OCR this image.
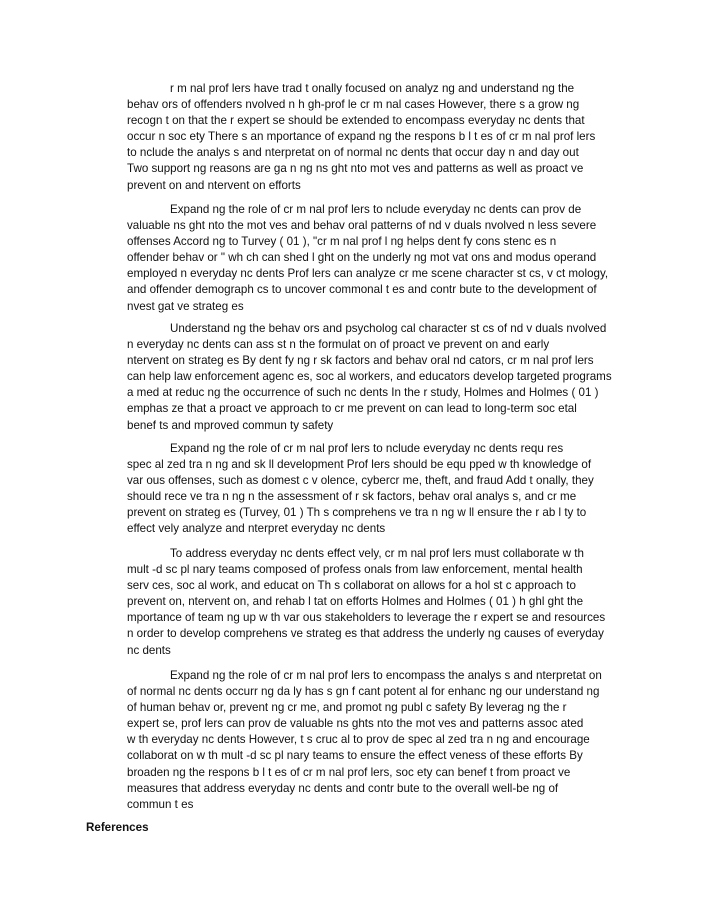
r m nal prof lers have trad t onally focused on analyz ng and understand ng the
behav ors of offenders nvolved n h gh-prof le cr m nal cases However, there s a grow ng
recogn t on that the r expert se should be extended to encompass everyday nc dents that
occur n soc ety There s an mportance of expand ng the respons b l t es of cr m nal prof lers
to nclude the analys s and nterpretat on of normal nc dents that occur day n and day out
Two support ng reasons are ga n ng ns ght nto mot ves and patterns as well as proact ve
prevent on and ntervent on efforts
Expand ng the role of cr m nal prof lers to nclude everyday nc dents can prov de
valuable ns ght nto the mot ves and behav oral patterns of nd v duals nvolved n less severe
offenses Accord ng to Turvey ( 01 ), "cr m nal prof l ng helps dent fy cons stenc es n
offender behav or " wh ch can shed l ght on the underly ng mot vat ons and modus operand
employed n everyday nc dents Prof lers can analyze cr me scene character st cs, v ct mology,
and offender demograph cs to uncover commonal t es and contr bute to the development of
nvest gat ve strateg es
Understand ng the behav ors and psycholog cal character st cs of nd v duals nvolved
n everyday nc dents can ass st n the formulat on of proact ve prevent on and early
ntervent on strateg es By dent fy ng r sk factors and behav oral nd cators, cr m nal prof lers
can help law enforcement agenc es, soc al workers, and educators develop targeted programs
a med at reduc ng the occurrence of such nc dents In the r study, Holmes and Holmes ( 01 )
emphas ze that a proact ve approach to cr me prevent on can lead to long-term soc etal
benef ts and mproved commun ty safety
Expand ng the role of cr m nal prof lers to nclude everyday nc dents requ res
spec al zed tra n ng and sk ll development Prof lers should be equ pped w th knowledge of
var ous offenses, such as domest c v olence, cybercr me, theft, and fraud Add t onally, they
should rece ve tra n ng n the assessment of r sk factors, behav oral analys s, and cr me
prevent on strateg es (Turvey, 01 ) Th s comprehens ve tra n ng w ll ensure the r ab l ty to
effect vely analyze and nterpret everyday nc dents
To address everyday nc dents effect vely, cr m nal prof lers must collaborate w th
mult -d sc pl nary teams composed of profess onals from law enforcement, mental health
serv ces, soc al work, and educat on Th s collaborat on allows for a hol st c approach to
prevent on, ntervent on, and rehab l tat on efforts Holmes and Holmes ( 01 ) h ghl ght the
mportance of team ng up w th var ous stakeholders to leverage the r expert se and resources
n order to develop comprehens ve strateg es that address the underly ng causes of everyday
nc dents
Expand ng the role of cr m nal prof lers to encompass the analys s and nterpretat on
of normal nc dents occurr ng da ly has s gn f cant potent al for enhanc ng our understand ng
of human behav or, prevent ng cr me, and promot ng publ c safety By leverag ng the r
expert se, prof lers can prov de valuable ns ghts nto the mot ves and patterns assoc ated
w th everyday nc dents However, t s cruc al to prov de spec al zed tra n ng and encourage
collaborat on w th mult -d sc pl nary teams to ensure the effect veness of these efforts By
broaden ng the respons b l t es of cr m nal prof lers, soc ety can benef t from proact ve
measures that address everyday nc dents and contr bute to the overall well-be ng of
commun t es
References
